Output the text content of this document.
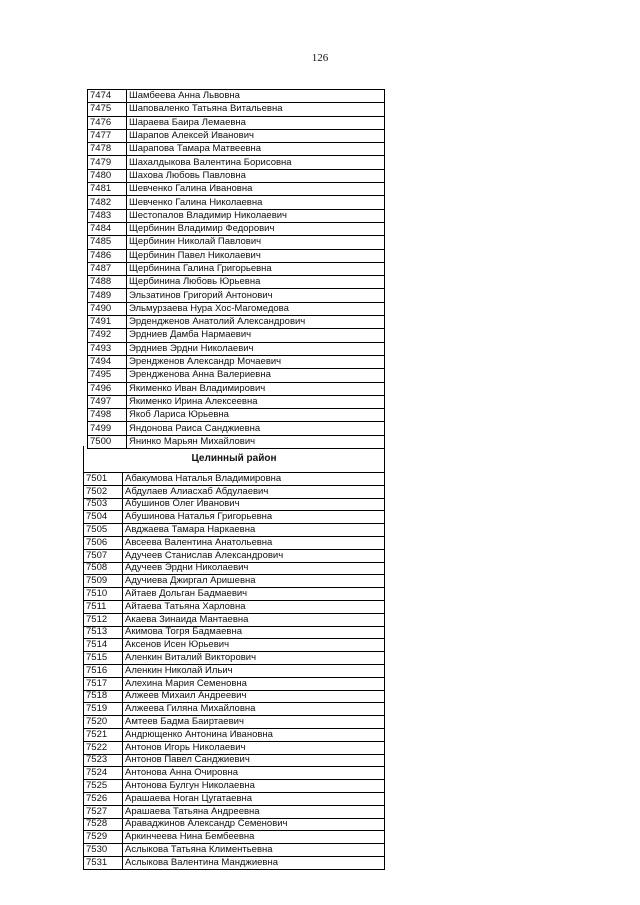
126
7474	Шамбеева Анна Львовна
7475	Шаповаленко Татьяна Витальевна
7476	Шараева Баира Лемаевна
7477	Шарапов Алексей Иванович
7478	Шарапова Тамара Матвеевна
7479	Шахалдыкова Валентина Борисовна
7480	Шахова Любовь Павловна
7481	Шевченко Галина Ивановна
7482	Шевченко Галина Николаевна
7483	Шестопалов Владимир Николаевич
7484	Щербинин Владимир Федорович
7485	Щербинин Николай Павлович
7486	Щербинин Павел Николаевич
7487	Щербинина Галина Григорьевна
7488	Щербинина Любовь Юрьевна
7489	Эльзатинов Григорий Антонович
7490	Эльмурзаева Нура Хос-Магомедова
7491	Эрдендженов Анатолий Александрович
7492	Эрдниев Дамба Нармаевич
7493	Эрдниев Эрдни Николаевич
7494	Эрендженов Александр Мочаевич
7495	Эрендженова Анна Валериевна
7496	Якименко Иван Владимирович
7497	Якименко Ирина Алексеевна
7498	Якоб Лариса Юрьевна
7499	Яндонова Раиса Санджиевна
7500	Янинко Марьян Михайлович
Целинный район
7501	Абакумова Наталья Владимировна
7502	Абдулаев Алиасхаб Абдулаевич
7503	Абушинов Олег Иванович
7504	Абушинова Наталья Григорьевна
7505	Авджаева Тамара Наркаевна
7506	Авсеева Валентина Анатольевна
7507	Адучеев Станислав Александрович
7508	Адучеев Эрдни Николаевич
7509	Адучиева Джиргал Аришевна
7510	Айтаев Дольган Бадмаевич
7511	Айтаева Татьяна Харловна
7512	Акаева Зинаида Мантаевна
7513	Акимова Тогря Бадмаевна
7514	Аксенов Исен Юрьевич
7515	Аленкин Виталий Викторович
7516	Аленкин Николай Ильич
7517	Алехина Мария Семеновна
7518	Алжеев Михаил Андреевич
7519	Алжеева Гиляна Михайловна
7520	Амтеев Бадма Баиртаевич
7521	Андрющенко Антонина Ивановна
7522	Антонов Игорь Николаевич
7523	Антонов Павел Санджиевич
7524	Антонова Анна Очировна
7525	Антонова Булгун Николаевна
7526	Арашаева Ноган Цугатаевна
7527	Арашаева Татьяна Андреевна
7528	Араваджинов Александр Семенович
7529	Аркинчеева Нина Бембеевна
7530	Аслыкова Татьяна Климентьевна
7531	Аслыкова Валентина Манджиевна
